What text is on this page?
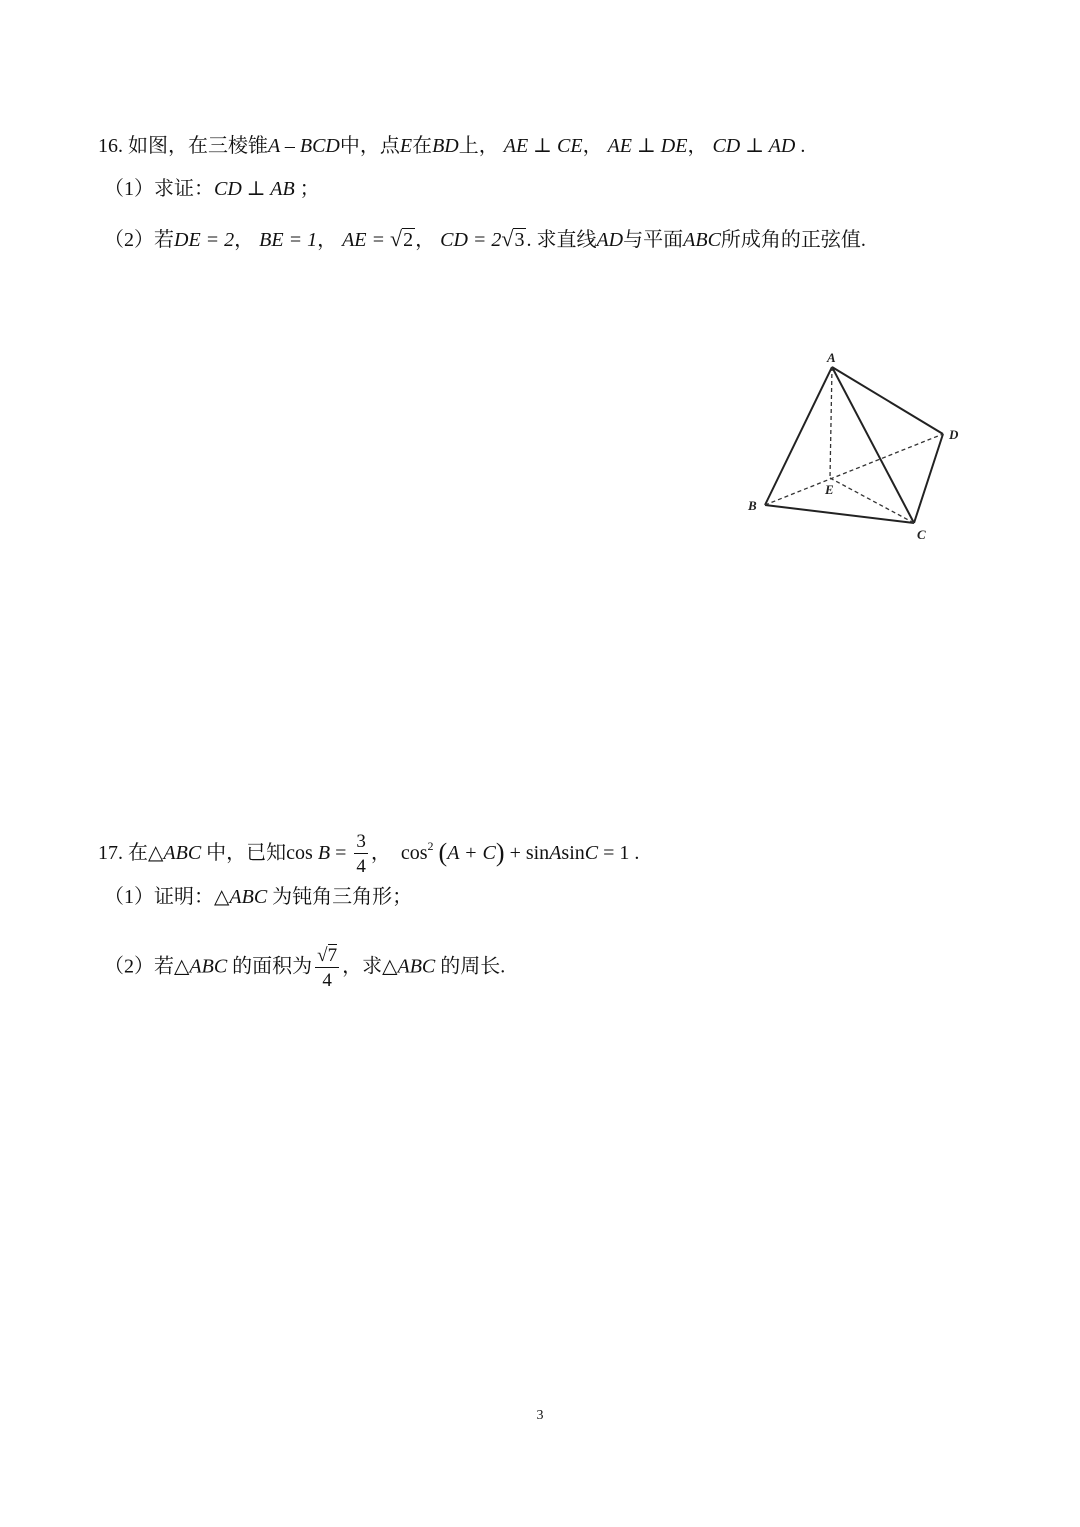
16. 如图，在三棱锥A – BCD中，点E在BD上， AE ⊥ CE， AE ⊥ DE， CD ⊥ AD .
（1）求证：CD ⊥ AB ；
（2）若DE = 2， BE = 1， AE = √2 ， CD = 2√3 . 求直线AD与平面ABC所成角的正弦值.
A
B
C
D
E
17. 在△ABC 中，已知$\cos B = \frac{3}{4}$ ， $\cos^2 (A + C)$ + sinAsinC = 1 .
（1）证明：△ABC 为钝角三角形；
（2）若△ABC 的面积为 $\frac{√7}{4}$ ，求△ABC 的周长.
3
